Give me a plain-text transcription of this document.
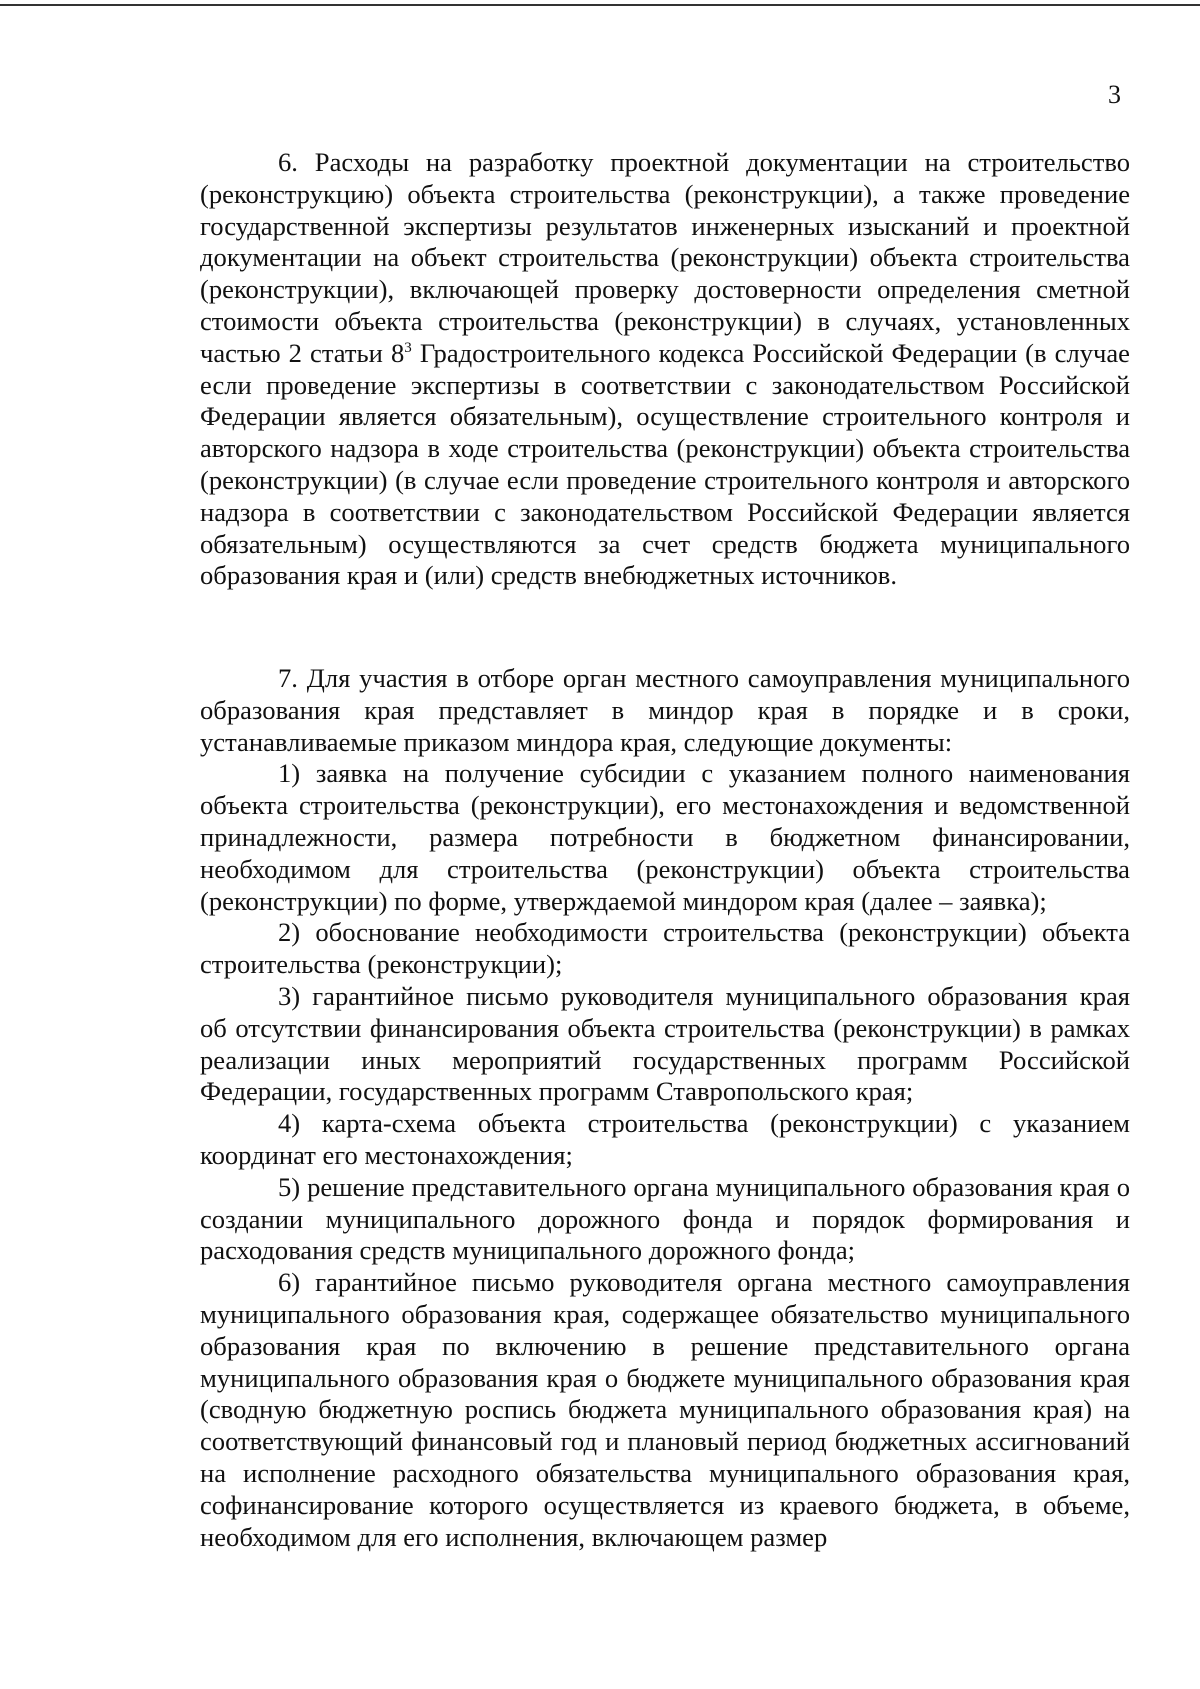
3

6. Расходы на разработку проектной документации на строительство (реконструкцию) объекта строительства (реконструкции), а также проведение государственной экспертизы результатов инженерных изысканий и проектной документации на объект строительства (реконструкции) объекта строительства (реконструкции), включающей проверку достоверности определения сметной стоимости объекта строительства (реконструкции) в случаях, установленных частью 2 статьи $8^3$ Градостроительного кодекса Российской Федерации (в случае если проведение экспертизы в соответствии с законодательством Российской Федерации является обязательным), осуществление строительного контроля и авторского надзора в ходе строительства (реконструкции) объекта строительства (реконструкции) (в случае если проведение строительного контроля и авторского надзора в соответствии с законодательством Российской Федерации является обязательным) осуществляются за счет средств бюджета муниципального образования края и (или) средств внебюджетных источников.

7. Для участия в отборе орган местного самоуправления муниципального образования края представляет в миндор края в порядке и в сроки, устанавливаемые приказом миндора края, следующие документы:

1) заявка на получение субсидии с указанием полного наименования объекта строительства (реконструкции), его местонахождения и ведомственной принадлежности, размера потребности в бюджетном финансировании, необходимом для строительства (реконструкции) объекта строительства (реконструкции) по форме, утверждаемой миндором края (далее – заявка);

2) обоснование необходимости строительства (реконструкции) объекта строительства (реконструкции);

3) гарантийное письмо руководителя муниципального образования края об отсутствии финансирования объекта строительства (реконструкции) в рамках реализации иных мероприятий государственных программ Российской Федерации, государственных программ Ставропольского края;

4) карта-схема объекта строительства (реконструкции) с указанием координат его местонахождения;

5) решение представительного органа муниципального образования края о создании муниципального дорожного фонда и порядок формирования и расходования средств муниципального дорожного фонда;

6) гарантийное письмо руководителя органа местного самоуправления муниципального образования края, содержащее обязательство муниципального образования края по включению в решение представительного органа муниципального образования края о бюджете муниципального образования края (сводную бюджетную роспись бюджета муниципального образования края) на соответствующий финансовый год и плановый период бюджетных ассигнований на исполнение расходного обязательства муниципального образования края, софинансирование которого осуществляется из краевого бюджета, в объеме, необходимом для его исполнения, включающем размер
